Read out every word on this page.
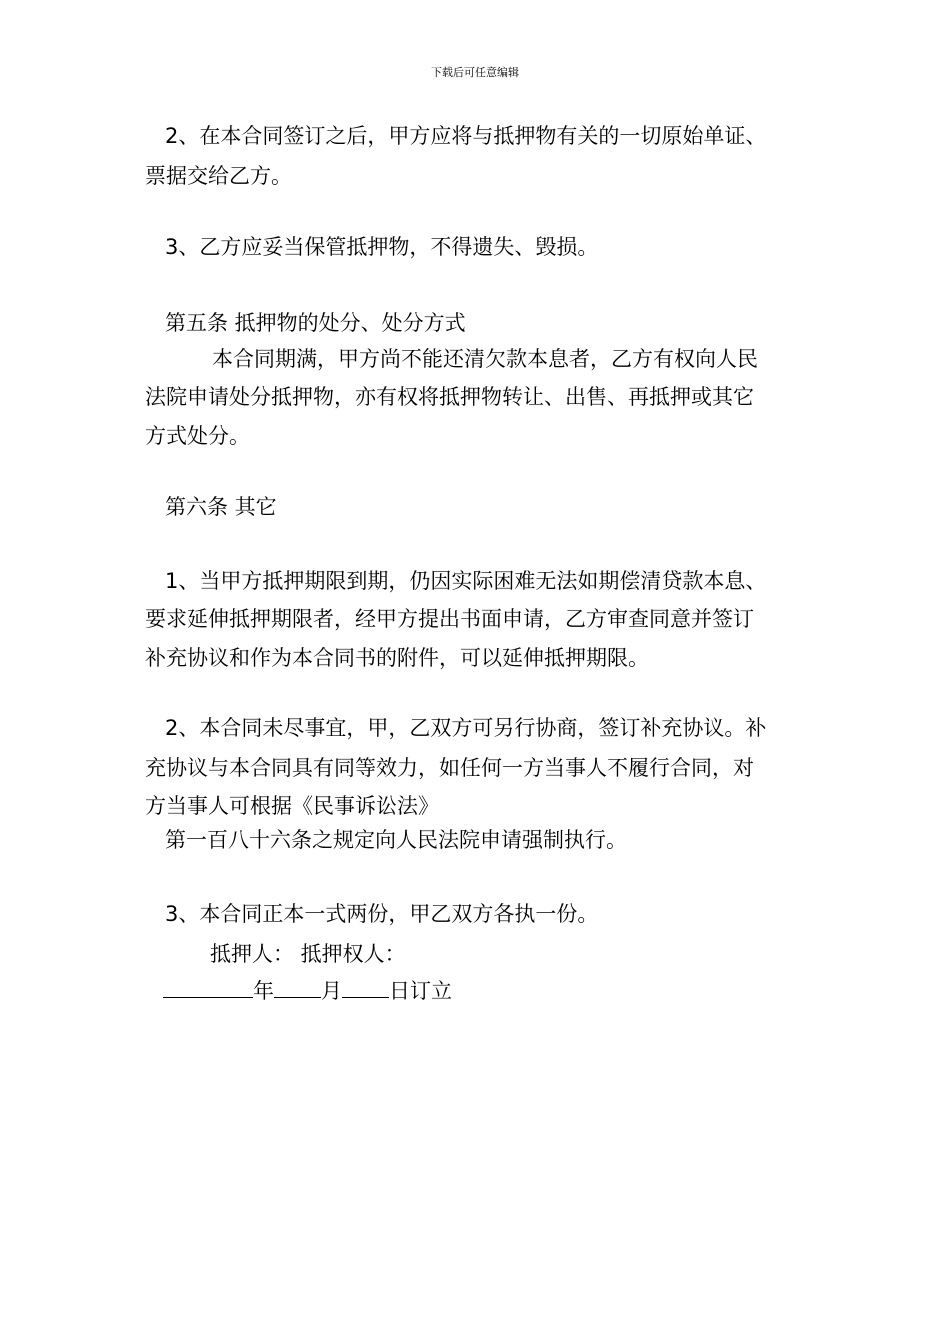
下载后可任意编辑
2、在本合同签订之后，甲方应将与抵押物有关的一切原始单证、
票据交给乙方。
3、乙方应妥当保管抵押物，不得遗失、毁损。
第五条 抵押物的处分、处分方式
本合同期满，甲方尚不能还清欠款本息者，乙方有权向人民
法院申请处分抵押物，亦有权将抵押物转让、出售、再抵押或其它
方式处分。
第六条 其它
1、当甲方抵押期限到期，仍因实际困难无法如期偿清贷款本息、
要求延伸抵押期限者，经甲方提出书面申请，乙方审查同意并签订
补充协议和作为本合同书的附件，可以延伸抵押期限。
2、本合同未尽事宜，甲，乙双方可另行协商，签订补充协议。补
充协议与本合同具有同等效力，如任何一方当事人不履行合同，对
方当事人可根据《民事诉讼法》
第一百八十六条之规定向人民法院申请强制执行。
3、本合同正本一式两份，甲乙双方各执一份。
抵押人： 抵押权人：
年 月 日订立
